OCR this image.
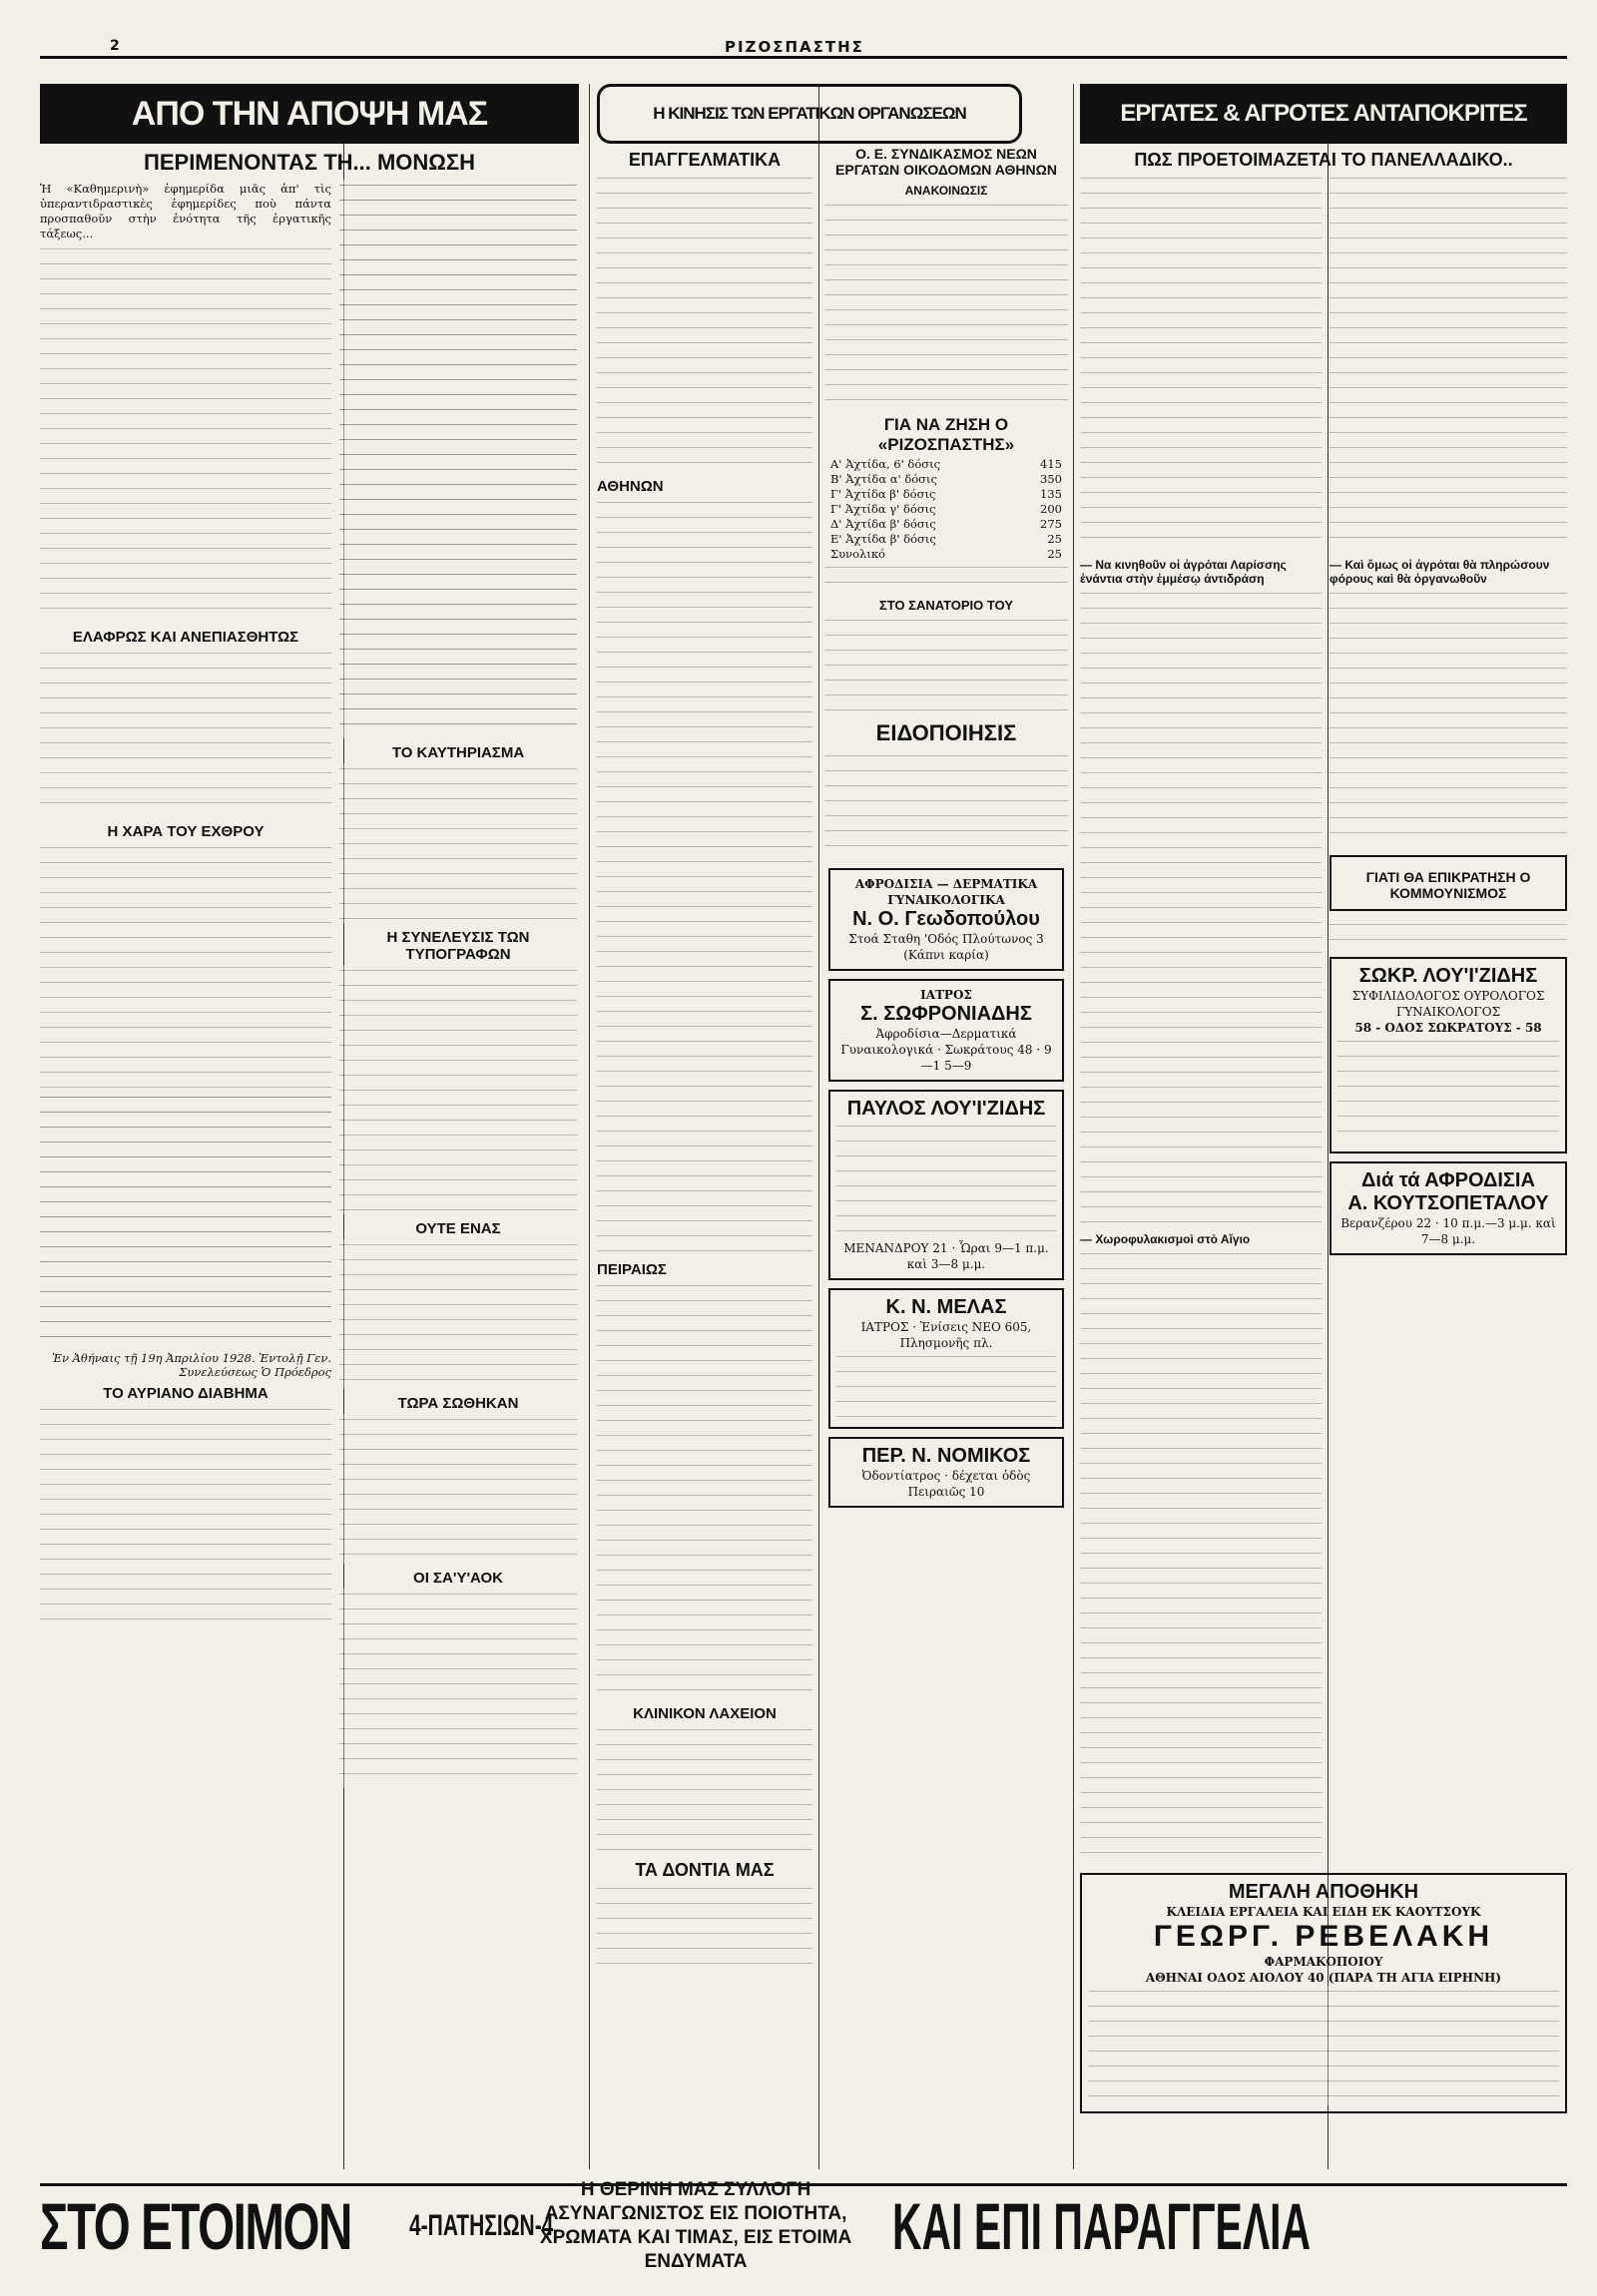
2	ΡΙΖΟΣΠΑΣΤΗΣ
ΑΠΟ ΤΗΝ ΑΠΟΨΗ ΜΑΣ
ΠΕΡΙΜΕΝΟΝΤΑΣ ΤΗ... ΜΟΝΩΣΗ
Ἡ «Καθημερινὴ» ἐφημερίδα μιᾶς ἀπ' τὶς ὑπεραντιδραστικὲς ἐφημερίδες ποὺ πάντα προσπαθοῦν στὴν ἐνότητα τῆς ἐργατικῆς τάξεως...
ΕΛΑΦΡΩΣ ΚΑΙ ΑΝΕΠΙΑΣΘΗΤΩΣ
Η ΧΑΡΑ ΤΟΥ ΕΧΘΡΟΥ
Ἐν Ἀθήναις τῇ 19η Ἀπριλίου 1928. Ἐντολῇ Γεν. Συνελεύσεως Ὁ Πρόεδρος
ΤΟ ΑΥΡΙΑΝΟ ΔΙΑΒΗΜΑ
ΤΟ ΚΑΥΤΗΡΙΑΣΜΑ
Η ΣΥΝΕΛΕΥΣΙΣ ΤΩΝ ΤΥΠΟΓΡΑΦΩΝ
ΟΥΤΕ ΕΝΑΣ
ΤΩΡΑ ΣΩΘΗΚΑΝ
ΟΙ ΣΑ'Υ'ΑΟΚ
Η ΚΙΝΗΣΙΣ ΤΩΝ ΕΡΓΑΤΙΚΩΝ ΟΡΓΑΝΩΣΕΩΝ
ΕΠΑΓΓΕΛΜΑΤΙΚΑ
ΑΘΗΝΩΝ
ΠΕΙΡΑΙΩΣ
ΚΛΙΝΙΚΟΝ ΛΑΧΕΙΟΝ
ΤΑ ΔΟΝΤΙΑ ΜΑΣ
Ο. Ε. ΣΥΝΔΙΚΑΣΜΟΣ ΝΕΩΝ ΕΡΓΑΤΩΝ ΟΙΚΟΔΟΜΩΝ ΑΘΗΝΩΝ
ΑΝΑΚΟΙΝΩΣΙΣ
ΓΙΑ ΝΑ ΖΗΣΗ Ο «ΡΙΖΟΣΠΑΣΤΗΣ»
Α' Ἀχτίδα, 6' δόσις	415
Β' Ἀχτίδα α' δόσις	350
Γ' Ἀχτίδα β' δόσις	135
Γ' Ἀχτίδα γ' δόσις	200
Δ' Ἀχτίδα β' δόσις	275
Ε' Ἀχτίδα β' δόσις	25
Συνολικό	25
ΣΤΟ ΣΑΝΑΤΟΡΙΟ ΤΟΥ
ΕΙΔΟΠΟΙΗΣΙΣ
ΑΦΡΟΔΙΣΙΑ — ΔΕΡΜΑΤΙΚΑ ΓΥΝΑΙΚΟΛΟΓΙΚΑ
Ν. Ο. Γεωδοπούλου
Στοά Σταθη 'Οδός Πλούτωνος 3 (Κάπνι καρία)
ΙΑΤΡΟΣ
Σ. ΣΩΦΡΟΝΙΑΔΗΣ
Ἀφροδίσια—Δερματικά Γυναικολογικά · Σωκράτους 48 · 9—1 5—9
ΠΑΥΛΟΣ ΛΟΥ'Ι'ΖΙΔΗΣ
ΜΕΝΑΝΔΡΟΥ 21 · Ὧραι 9—1 π.μ. καὶ 3—8 μ.μ.
Κ. Ν. ΜΕΛΑΣ
ΙΑΤΡΟΣ · Ἐνίσεις ΝΕΟ 605, Πλησμονῆς πλ.
ΠΕΡ. Ν. ΝΟΜΙΚΟΣ
Ὀδοντίατρος · δέχεται ὁδὸς Πειραιῶς 10
ΕΡΓΑΤΕΣ & ΑΓΡΟΤΕΣ ΑΝΤΑΠΟΚΡΙΤΕΣ
ΠΩΣ ΠΡΟΕΤΟΙΜΑΖΕΤΑΙ ΤΟ ΠΑΝΕΛΛΑΔΙΚΟ..
— Να κινηθοῦν οἱ ἀγρόται Λαρίσσης ἐνάντια στὴν ἐμμέσῳ ἀντιδράση
— Χωροφυλακισμοὶ στὸ Αἴγιο
— Καὶ ὅμως οἱ ἀγρόται θὰ πληρώσουν φόρους καὶ θὰ ὀργανωθοῦν
ΓΙΑΤΙ ΘΑ ΕΠΙΚΡΑΤΗΣΗ Ο ΚΟΜΜΟΥΝΙΣΜΟΣ
ΣΩΚΡ. ΛΟΥ'Ι'ΖΙΔΗΣ
ΣΥΦΙΛΙΔΟΛΟΓΟΣ ΟΥΡΟΛΟΓΟΣ ΓΥΝΑΙΚΟΛΟΓΟΣ
58 - ΟΔΟΣ ΣΩΚΡΑΤΟΥΣ - 58
Διά τά ΑΦΡΟΔΙΣΙΑ
Α. ΚΟΥΤΣΟΠΕΤΑΛΟΥ
Βερανζέρου 22 · 10 π.μ.—3 μ.μ. καὶ 7—8 μ.μ.
ΜΕΓΑΛΗ ΑΠΟΘΗΚΗ
ΚΛΕΙΔΙΑ ΕΡΓΑΛΕΙΑ ΚΑΙ ΕΙΔΗ ΕΚ ΚΑΟΥΤΣΟΥΚ
ΓΕΩΡΓ. ΡΕΒΕΛΑΚΗ
ΦΑΡΜΑΚΟΠΟΙΟΥ
ΑΘΗΝΑΙ ΟΔΟΣ ΑΙΟΛΟΥ 40 (ΠΑΡΑ ΤΗ ΑΓΙΑ ΕΙΡΗΝΗ)
ΣΤΟ ΕΤΟΙΜΟΝ 4-ΠΑΤΗΣΙΩΝ-4
Η ΘΕΡΙΝΗ ΜΑΣ ΣΥΛΛΟΓΗ ΑΣΥΝΑΓΩΝΙΣΤΟΣ ΕΙΣ ΠΟΙΟΤΗΤΑ, ΧΡΩΜΑΤΑ ΚΑΙ ΤΙΜΑΣ, ΕΙΣ ΕΤΟΙΜΑ ΕΝΔΥΜΑΤΑ	ΚΑΙ ΕΠΙ ΠΑΡΑΓΓΕΛΙΑ
